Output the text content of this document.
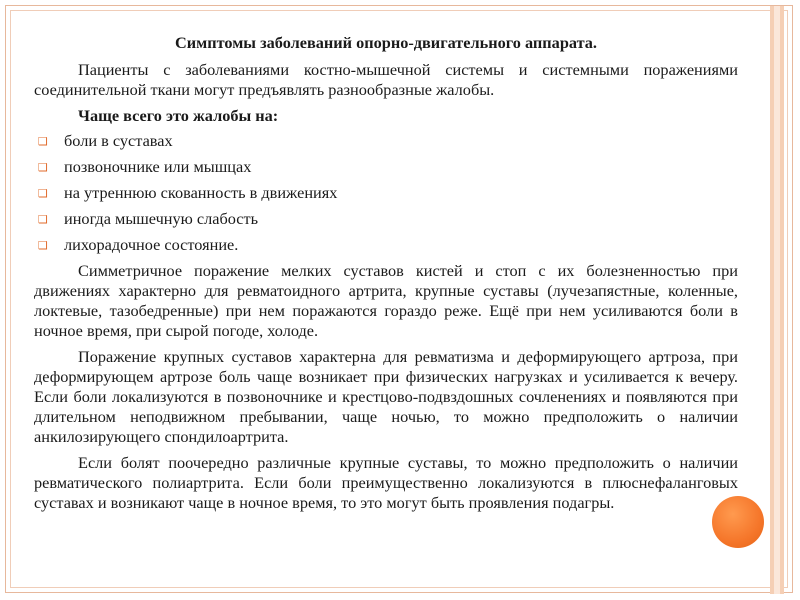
Симптомы заболеваний опорно-двигательного аппарата.

Пациенты с заболеваниями костно-мышечной системы и системными поражениями соединительной ткани могут предъявлять разнообразные жалобы.

Чаще всего это жалобы на:

❑ боли в суставах
❑ позвоночнике или мышцах
❑ на утреннюю скованность в движениях
❑ иногда мышечную слабость
❑ лихорадочное состояние.

Симметричное поражение мелких суставов кистей и стоп с их болезненностью при движениях характерно для ревматоидного артрита, крупные суставы (лучезапястные, коленные, локтевые, тазобедренные) при нем поражаются гораздо реже. Ещё при нем усиливаются боли в ночное время, при сырой погоде, холоде.

Поражение крупных суставов характерна для ревматизма и деформирующего артроза, при деформирующем артрозе боль чаще возникает при физических нагрузках и усиливается к вечеру. Если боли локализуются в позвоночнике и крестцово-подвздошных сочленениях и появляются при длительном неподвижном пребывании, чаще ночью, то можно предположить о наличии анкилозирующего спондилоартрита.

Если болят поочередно различные крупные суставы, то можно предположить о наличии ревматического полиартрита. Если боли преимущественно локализуются в плюснефаланговых суставах и возникают чаще в ночное время, то это могут быть проявления подагры.
